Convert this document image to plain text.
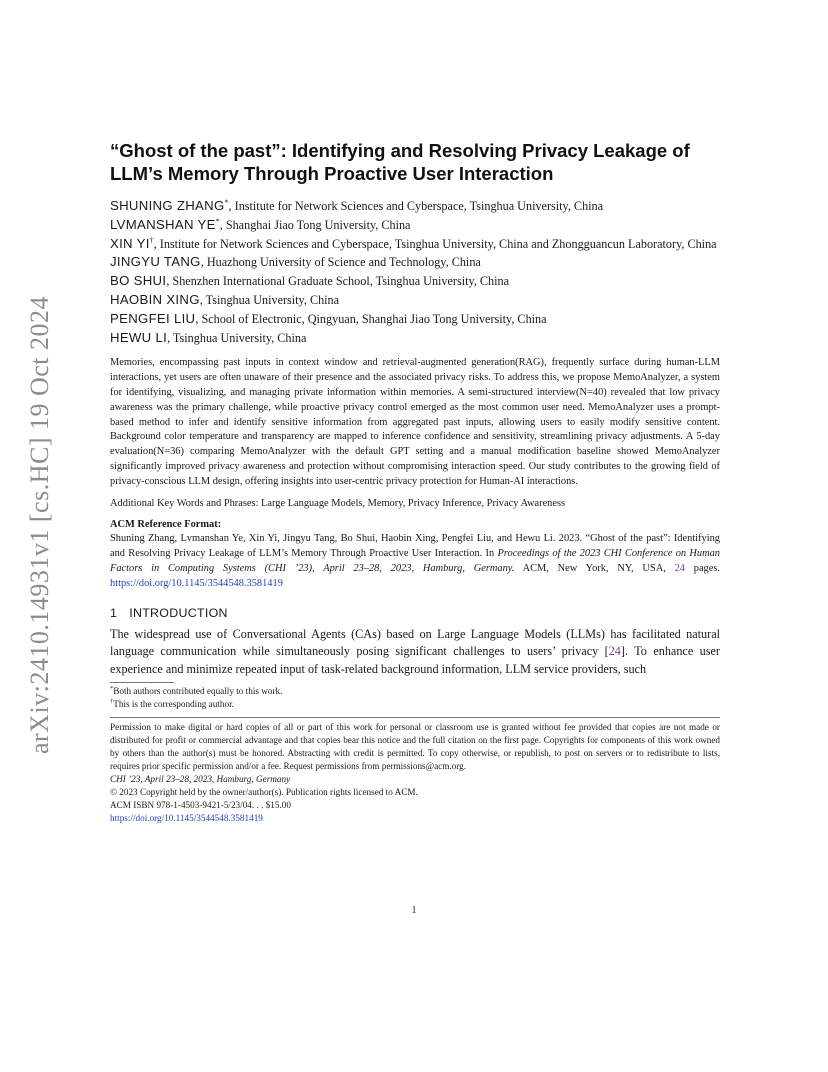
arXiv:2410.14931v1 [cs.HC] 19 Oct 2024
“Ghost of the past”: Identifying and Resolving Privacy Leakage of
LLM’s Memory Through Proactive User Interaction
SHUNING ZHANG*, Institute for Network Sciences and Cyberspace, Tsinghua University, China
LVMANSHAN YE*, Shanghai Jiao Tong University, China
XIN YI†, Institute for Network Sciences and Cyberspace, Tsinghua University, China and Zhongguancun Laboratory, China
JINGYU TANG, Huazhong University of Science and Technology, China
BO SHUI, Shenzhen International Graduate School, Tsinghua University, China
HAOBIN XING, Tsinghua University, China
PENGFEI LIU, School of Electronic, Qingyuan, Shanghai Jiao Tong University, China
HEWU LI, Tsinghua University, China

Memories, encompassing past inputs in context window and retrieval-augmented generation(RAG), frequently surface during human-LLM interactions, yet users are often unaware of their presence and the associated privacy risks. To address this, we propose MemoAnalyzer, a system for identifying, visualizing, and managing private information within memories. A semi-structured interview(N=40) revealed that low privacy awareness was the primary challenge, while proactive privacy control emerged as the most common user need. MemoAnalyzer uses a prompt-based method to infer and identify sensitive information from aggregated past inputs, allowing users to easily modify sensitive content. Background color temperature and transparency are mapped to inference confidence and sensitivity, streamlining privacy adjustments. A 5-day evaluation(N=36) comparing MemoAnalyzer with the default GPT setting and a manual modification baseline showed MemoAnalyzer significantly improved privacy awareness and protection without compromising interaction speed. Our study contributes to the growing field of privacy-conscious LLM design, offering insights into user-centric privacy protection for Human-AI interactions.

Additional Key Words and Phrases: Large Language Models, Memory, Privacy Inference, Privacy Awareness
ACM Reference Format:
Shuning Zhang, Lvmanshan Ye, Xin Yi, Jingyu Tang, Bo Shui, Haobin Xing, Pengfei Liu, and Hewu Li. 2023. “Ghost of the past”: Identifying and Resolving Privacy Leakage of LLM’s Memory Through Proactive User Interaction. In Proceedings of the 2023 CHI Conference on Human Factors in Computing Systems (CHI ’23), April 23–28, 2023, Hamburg, Germany. ACM, New York, NY, USA, 24 pages. https://doi.org/10.1145/3544548.3581419
1 INTRODUCTION
The widespread use of Conversational Agents (CAs) based on Large Language Models (LLMs) has facilitated natural language communication while simultaneously posing significant challenges to users’ privacy [24]. To enhance user experience and minimize repeated input of task-related background information, LLM service providers, such
*Both authors contributed equally to this work.
†This is the corresponding author.
Permission to make digital or hard copies of all or part of this work for personal or classroom use is granted without fee provided that copies are not made or distributed for profit or commercial advantage and that copies bear this notice and the full citation on the first page. Copyrights for components of this work owned by others than the author(s) must be honored. Abstracting with credit is permitted. To copy otherwise, or republish, to post on servers or to redistribute to lists, requires prior specific permission and/or a fee. Request permissions from permissions@acm.org.
CHI ’23, April 23–28, 2023, Hamburg, Germany
© 2023 Copyright held by the owner/author(s). Publication rights licensed to ACM.
ACM ISBN 978-1-4503-9421-5/23/04. . . $15.00
https://doi.org/10.1145/3544548.3581419
1
